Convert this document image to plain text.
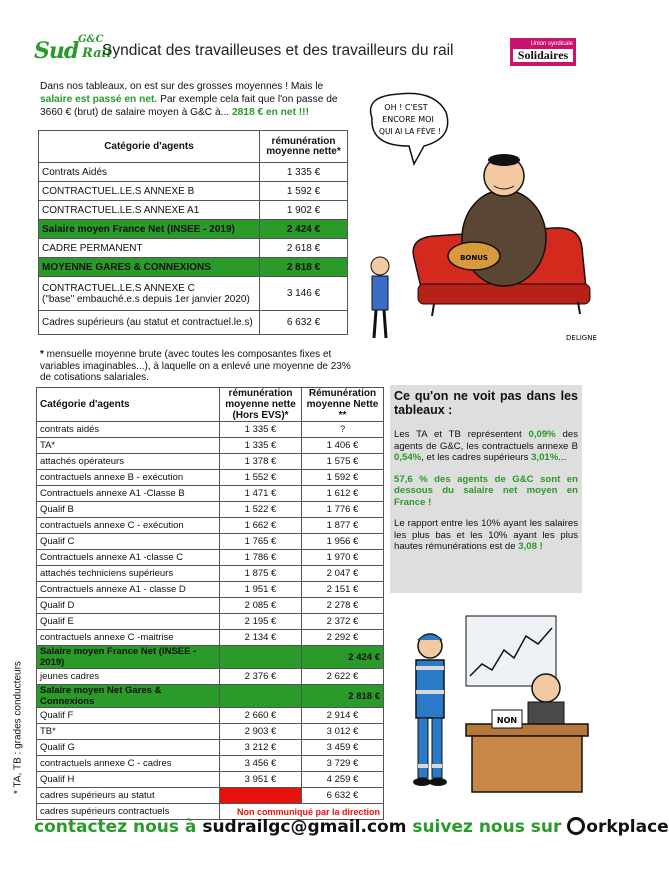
Sud G&C
Rail
Syndicat des travailleuses et des travailleurs du rail	Union syndicale
Solidaires
Dans nos tableaux, on est sur des grosses moyennes ! Mais le salaire est passé en net. Par exemple cela fait que l'on passe de 3660 € (brut) de salaire moyen à G&C à... 2818 € en net !!!
Catégorie d'agents	rémunération moyenne nette*
Contrats Aidés	1 335 €
CONTRACTUEL.LE.S ANNEXE B	1 592 €
CONTRACTUEL.LE.S ANNEXE A1	1 902 €
Salaire moyen France Net (INSEE - 2019)	2 424 €
CADRE PERMANENT	2 618 €
MOYENNE GARES & CONNEXIONS	2 818 €
CONTRACTUEL.LE.S ANNEXE C
("base" embauché.e.s depuis 1er janvier 2020)	3 146 €
Cadres supérieurs (au statut et contractuel.le.s)	6 632 €
* mensuelle moyenne brute (avec toutes les composantes fixes et variables imaginables...), à laquelle on a enlevé une moyenne de 23% de cotisations salariales.
Catégorie d'agents	rémunération moyenne nette (Hors EVS)*	Rémunération moyenne Nette **
contrats aidés	1 335 €	?
TA*	1 335 €	1 406 €
attachés opérateurs	1 378 €	1 575 €
contractuels annexe B - exécution	1 552 €	1 592 €
Contractuels annexe A1 -Classe B	1 471 €	1 612 €
Qualif B	1 522 €	1 776 €
contractuels annexe C - exécution	1 662 €	1 877 €
Qualif C	1 765 €	1 956 €
Contractuels annexe A1 -classe C	1 786 €	1 970 €
attachés techniciens supérieurs	1 875 €	2 047 €
Contractuels annexe A1 - classe D	1 951 €	2 151 €
Qualif D	2 085 €	2 278 €
Qualif E	2 195 €	2 372 €
contractuels annexe C -maitrise	2 134 €	2 292 €
Salaire moyen France Net (INSEE - 2019)		2 424 €
jeunes cadres	2 376 €	2 622 €
Salaire moyen Net Gares & Connexions		2 818 €
Qualif F	2 660 €	2 914 €
TB*	2 903 €	3 012 €
Qualif G	3 212 €	3 459 €
contractuels annexe C - cadres	3 456 €	3 729 €
Qualif H	3 951 €	4 259 €
cadres supérieurs au statut		6 632 €
cadres supérieurs contractuels	Non communiqué par la direction	
* TA, TB : grades conducteurs
Ce qu'on ne voit pas dans les tableaux :

Les TA et TB représentent 0,09% des agents de G&C, les contractuels annexe B 0,54%, et les cadres supérieurs 3,01%...

57,6 % des agents de G&C sont en dessous du salaire net moyen en France !

Le rapport entre les 10% ayant les salaires les plus bas et les 10% ayant les plus hautes rémunérations est de 3,08 !

OH ! C'EST
ENCORE MOI
QUI AI LA FÈVE !
BONUS
DELIGNE
NON
contactez nous à sudrailgc@gmail.com suivez nous sur orkplace
